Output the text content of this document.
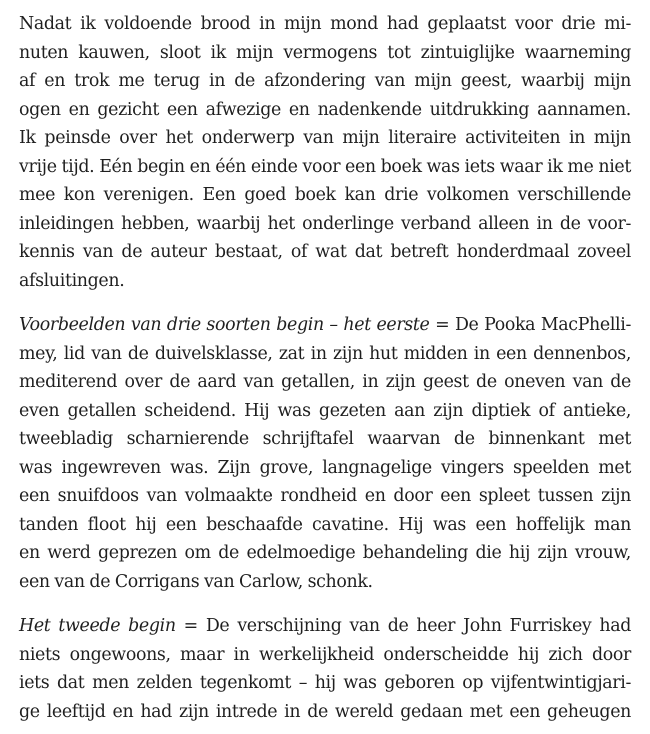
Nadat ik voldoende brood in mijn mond had geplaatst voor drie mi-
nuten kauwen, sloot ik mijn vermogens tot zintuiglijke waarneming
af en trok me terug in de afzondering van mijn geest, waarbij mijn
ogen en gezicht een afwezige en nadenkende uitdrukking aannamen.
Ik peinsde over het onderwerp van mijn literaire activiteiten in mijn
vrije tijd. Eén begin en één einde voor een boek was iets waar ik me niet
mee kon verenigen. Een goed boek kan drie volkomen verschillende
inleidingen hebben, waarbij het onderlinge verband alleen in de voor-
kennis van de auteur bestaat, of wat dat betreft honderdmaal zoveel
afsluitingen.
Voorbeelden van drie soorten begin – het eerste = De Pooka MacPhelli-
mey, lid van de duivelsklasse, zat in zijn hut midden in een dennenbos,
mediterend over de aard van getallen, in zijn geest de oneven van de
even getallen scheidend. Hij was gezeten aan zijn diptiek of antieke,
tweebladig scharnierende schrijftafel waarvan de binnenkant met
was ingewreven was. Zijn grove, langnagelige vingers speelden met
een snuifdoos van volmaakte rondheid en door een spleet tussen zijn
tanden floot hij een beschaafde cavatine. Hij was een hoffelijk man
en werd geprezen om de edelmoedige behandeling die hij zijn vrouw,
een van de Corrigans van Carlow, schonk.
Het tweede begin = De verschijning van de heer John Furriskey had
niets ongewoons, maar in werkelijkheid onderscheidde hij zich door
iets dat men zelden tegenkomt – hij was geboren op vijfentwintigjari-
ge leeftijd en had zijn intrede in de wereld gedaan met een geheugen
